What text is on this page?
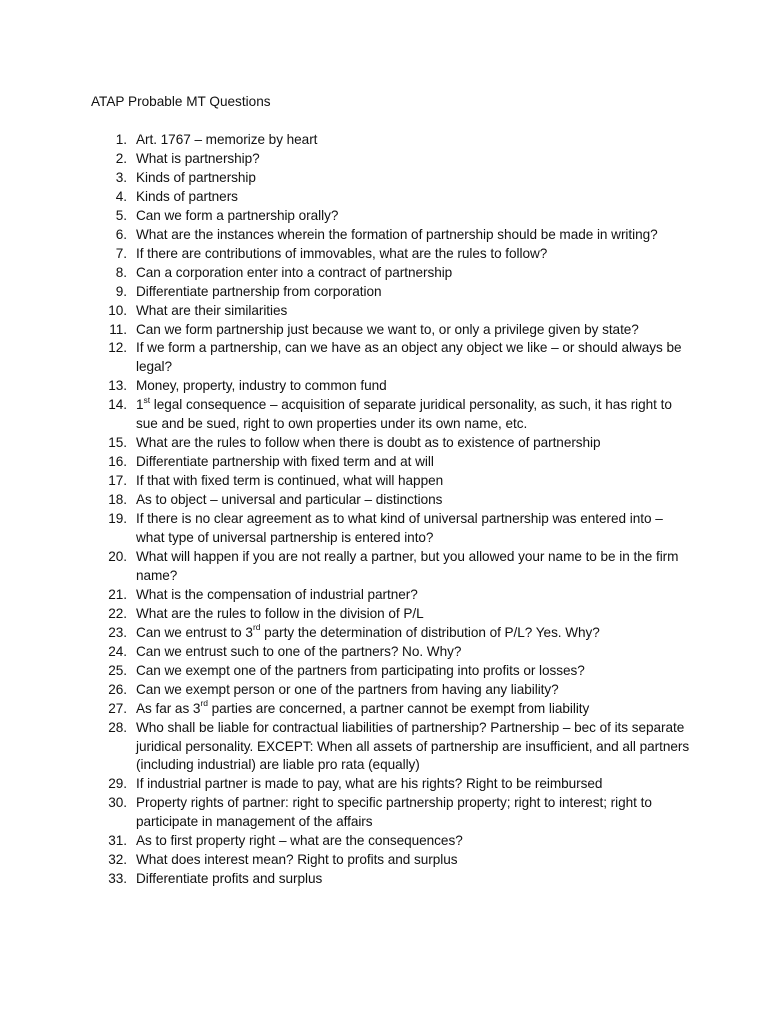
ATAP Probable MT Questions
1. Art. 1767 – memorize by heart
2. What is partnership?
3. Kinds of partnership
4. Kinds of partners
5. Can we form a partnership orally?
6. What are the instances wherein the formation of partnership should be made in writing?
7. If there are contributions of immovables, what are the rules to follow?
8. Can a corporation enter into a contract of partnership
9. Differentiate partnership from corporation
10. What are their similarities
11. Can we form partnership just because we want to, or only a privilege given by state?
12. If we form a partnership, can we have as an object any object we like – or should always be legal?
13. Money, property, industry to common fund
14. 1st legal consequence – acquisition of separate juridical personality, as such, it has right to sue and be sued, right to own properties under its own name, etc.
15. What are the rules to follow when there is doubt as to existence of partnership
16. Differentiate partnership with fixed term and at will
17. If that with fixed term is continued, what will happen
18. As to object – universal and particular – distinctions
19. If there is no clear agreement as to what kind of universal partnership was entered into – what type of universal partnership is entered into?
20. What will happen if you are not really a partner, but you allowed your name to be in the firm name?
21. What is the compensation of industrial partner?
22. What are the rules to follow in the division of P/L
23. Can we entrust to 3rd party the determination of distribution of P/L? Yes. Why?
24. Can we entrust such to one of the partners? No. Why?
25. Can we exempt one of the partners from participating into profits or losses?
26. Can we exempt person or one of the partners from having any liability?
27. As far as 3rd parties are concerned, a partner cannot be exempt from liability
28. Who shall be liable for contractual liabilities of partnership? Partnership – bec of its separate juridical personality. EXCEPT: When all assets of partnership are insufficient, and all partners (including industrial) are liable pro rata (equally)
29. If industrial partner is made to pay, what are his rights? Right to be reimbursed
30. Property rights of partner: right to specific partnership property; right to interest; right to participate in management of the affairs
31. As to first property right – what are the consequences?
32. What does interest mean? Right to profits and surplus
33. Differentiate profits and surplus
